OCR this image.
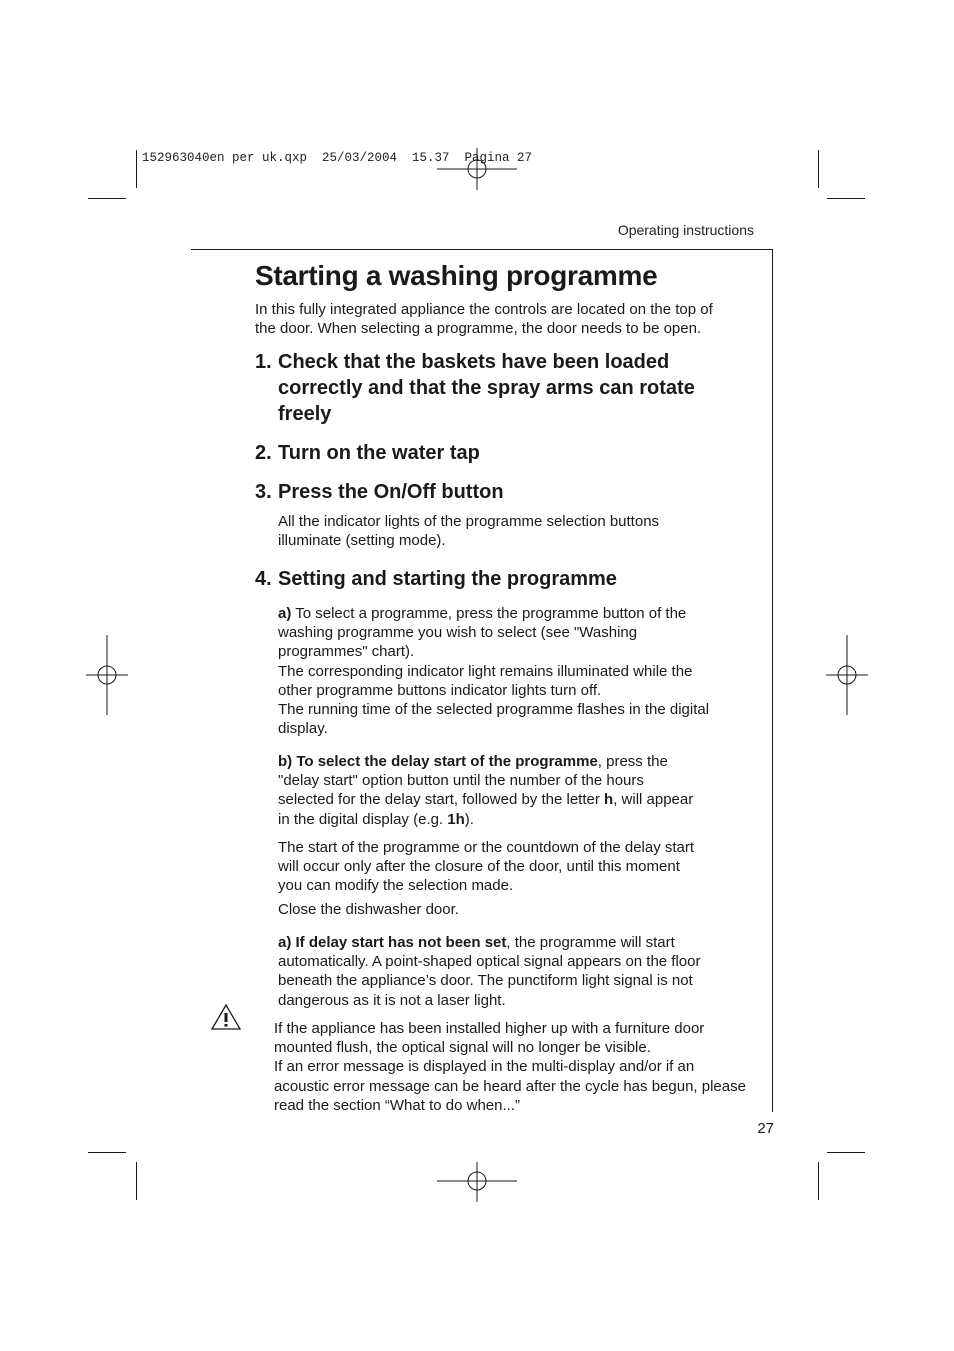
152963040en per uk.qxp  25/03/2004  15.37  Pagina 27
Operating instructions
Starting a washing programme
In this fully integrated appliance the controls are located on the top of
the door. When selecting a programme, the door needs to be open.
1. Check that the baskets have been loaded
correctly and that the spray arms can rotate
freely
2. Turn on the water tap
3. Press the On/Off button
All the indicator lights of the programme selection buttons
illuminate (setting mode).
4. Setting and starting the programme
a) To select a programme, press the programme button of the
washing programme you wish to select (see "Washing
programmes" chart).
The corresponding indicator light remains illuminated while the
other programme buttons indicator lights turn off.
The running time of the selected programme flashes in the digital
display.
b) To select the delay start of the programme, press the
"delay start" option button until the number of the hours
selected for the delay start, followed by the letter h, will appear
in the digital display (e.g. 1h).
The start of the programme or the countdown of the delay start
will occur only after the closure of the door, until this moment
you can modify the selection made.
Close the dishwasher door.
a) If delay start has not been set, the programme will start
automatically. A point-shaped optical signal appears on the floor
beneath the appliance’s door. The punctiform light signal is not
dangerous as it is not a laser light.
If the appliance has been installed higher up with a furniture door
mounted flush, the optical signal will no longer be visible.
If an error message is displayed in the multi-display and/or if an
acoustic error message can be heard after the cycle has begun, please
read the section “What to do when...”
27
